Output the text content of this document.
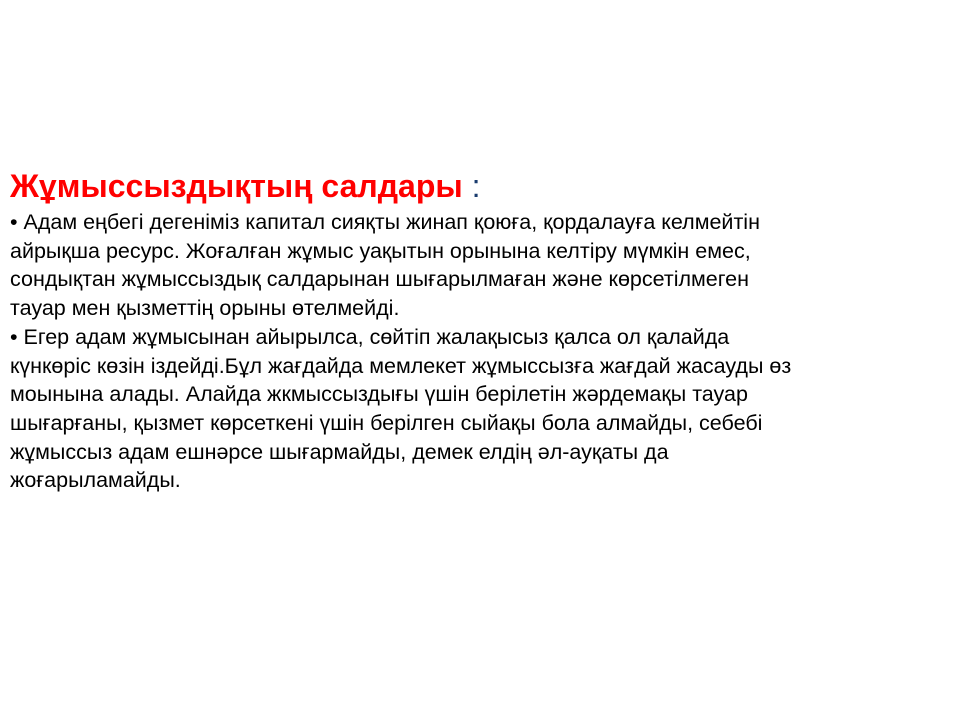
Жұмыссыздықтың салдары :
• Адам еңбегі дегеніміз капитал сияқты жинап қоюға, қордалауға келмейтін
айрықша ресурс. Жоғалған жұмыс уақытын орынына келтіру мүмкін емес,
сондықтан жұмыссыздық салдарынан шығарылмаған және көрсетілмеген
тауар мен қызметтің орыны өтелмейді.
• Егер адам жұмысынан айырылса, сөйтіп жалақысыз қалса ол қалайда
күнкөріс көзін іздейді.Бұл жағдайда мемлекет жұмыссызға жағдай жасауды өз
моынына алады. Алайда жкмыссыздығы үшін берілетін жәрдемақы тауар
шығарғаны, қызмет көрсеткені үшін берілген сыйақы бола алмайды, себебі
жұмыссыз адам ешнәрсе шығармайды, демек елдің әл-ауқаты да
жоғарыламайды.
